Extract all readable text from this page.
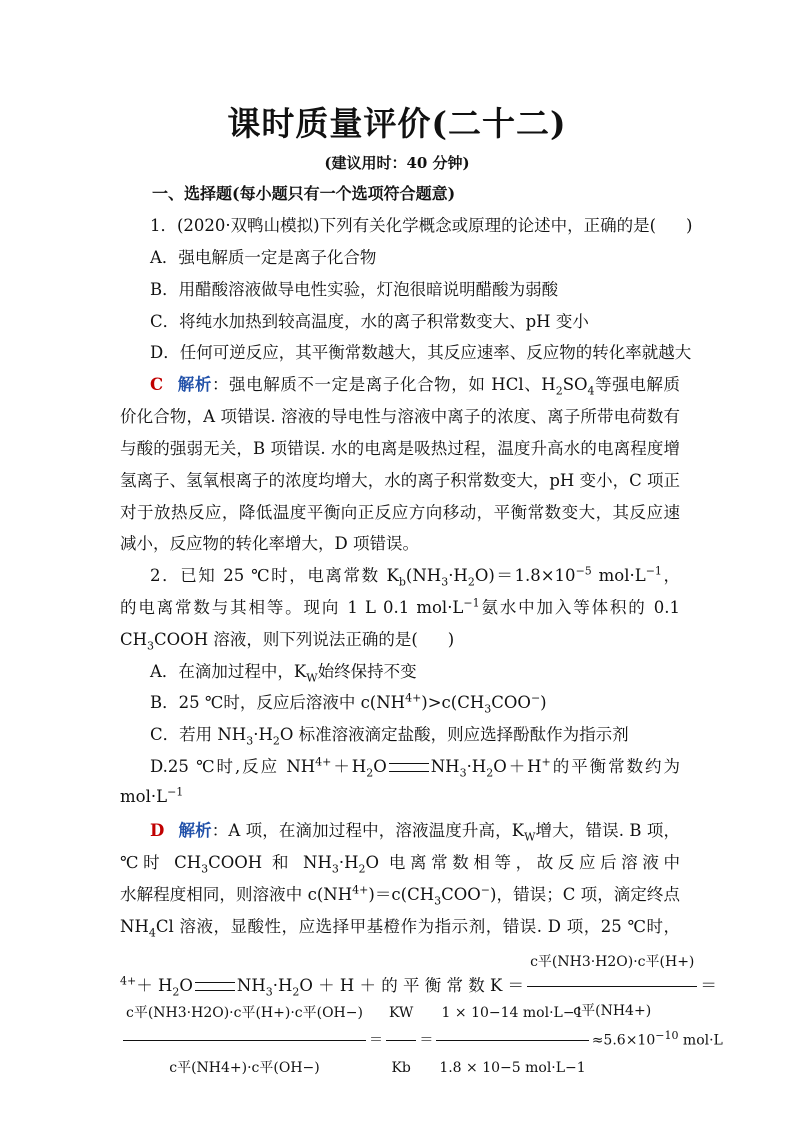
课时质量评价(二十二)
(建议用时：40 分钟)
一、选择题(每小题只有一个选项符合题意)
1．(2020·双鸭山模拟)下列有关化学概念或原理的论述中，正确的是( )
A．强电解质一定是离子化合物
B．用醋酸溶液做导电性实验，灯泡很暗说明醋酸为弱酸
C．将纯水加热到较高温度，水的离子积常数变大、pH 变小
D．任何可逆反应，其平衡常数越大，其反应速率、反应物的转化率就越大
C 解析：强电解质不一定是离子化合物，如 HCl、$H_2SO_4$等强电解质
价化合物，A 项错误. 溶液的导电性与溶液中离子的浓度、离子所带电荷数有
与酸的强弱无关，B 项错误. 水的电离是吸热过程，温度升高水的电离程度增
氢离子、氢氧根离子的浓度均增大，水的离子积常数变大，pH 变小，C 项正
对于放热反应，降低温度平衡向正反应方向移动，平衡常数变大，其反应速
减小，反应物的转化率增大，D 项错误。
2．已知 25 ℃时，电离常数 $K_b(NH_3\cdot H_2O)=1.8\times 10^{-5}$ $mol\cdot L^{-1}$，
的电离常数与其相等。现向 1 L 0.1 $mol\cdot L^{-1}$氨水中加入等体积的 0.1
$CH_3COOH$ 溶液，则下列说法正确的是( )
A．在滴加过程中，$K_W$始终保持不变
B．25 ℃时，反应后溶液中 $c(NH^{4+})>c(CH_3COO^-)$
C．若用 $NH_3\cdot H_2O$ 标准溶液滴定盐酸，则应选择酚酞作为指示剂
D.25 ℃时,反应 $NH^{4+}+H_2O$	$NH_3\cdot H_2O+H^+$的平衡常数约为
$mol\cdot L^{-1}$
D 解析：A 项，在滴加过程中，溶液温度升高，$K_W$增大，错误. B 项，
℃时 $CH_3COOH$ 和 $NH_3\cdot H_2O$ 电离常数相等，故反应后溶液中
水解程度相同，则溶液中 $c(NH^{4+})=c(CH_3COO^-)$，错误；C 项，滴定终点
$NH_4Cl$ 溶液，显酸性，应选择甲基橙作为指示剂，错误. D 项，25 ℃时，
$^{4+}+ H_2O$	$NH_3\cdot H_2O + H$ ＋ 的 平 衡 常 数 $K = \frac{\text{c平(NH3·H2O)·c平(H+)}}{\text{c平(NH4+)}}$ ＝
$\frac{\text{c平(NH3·H2O)·c平(H+)·c平(OH−)}}{\text{c平(NH4+)·c平(OH−)}} = \frac{KW}{Kb} = \frac{\text{1 × 10−14 mol·L−1}}{\text{1.8 × 10−5 mol·L−1}} \approx 5.6\times 10^{-10}$ mol·L
